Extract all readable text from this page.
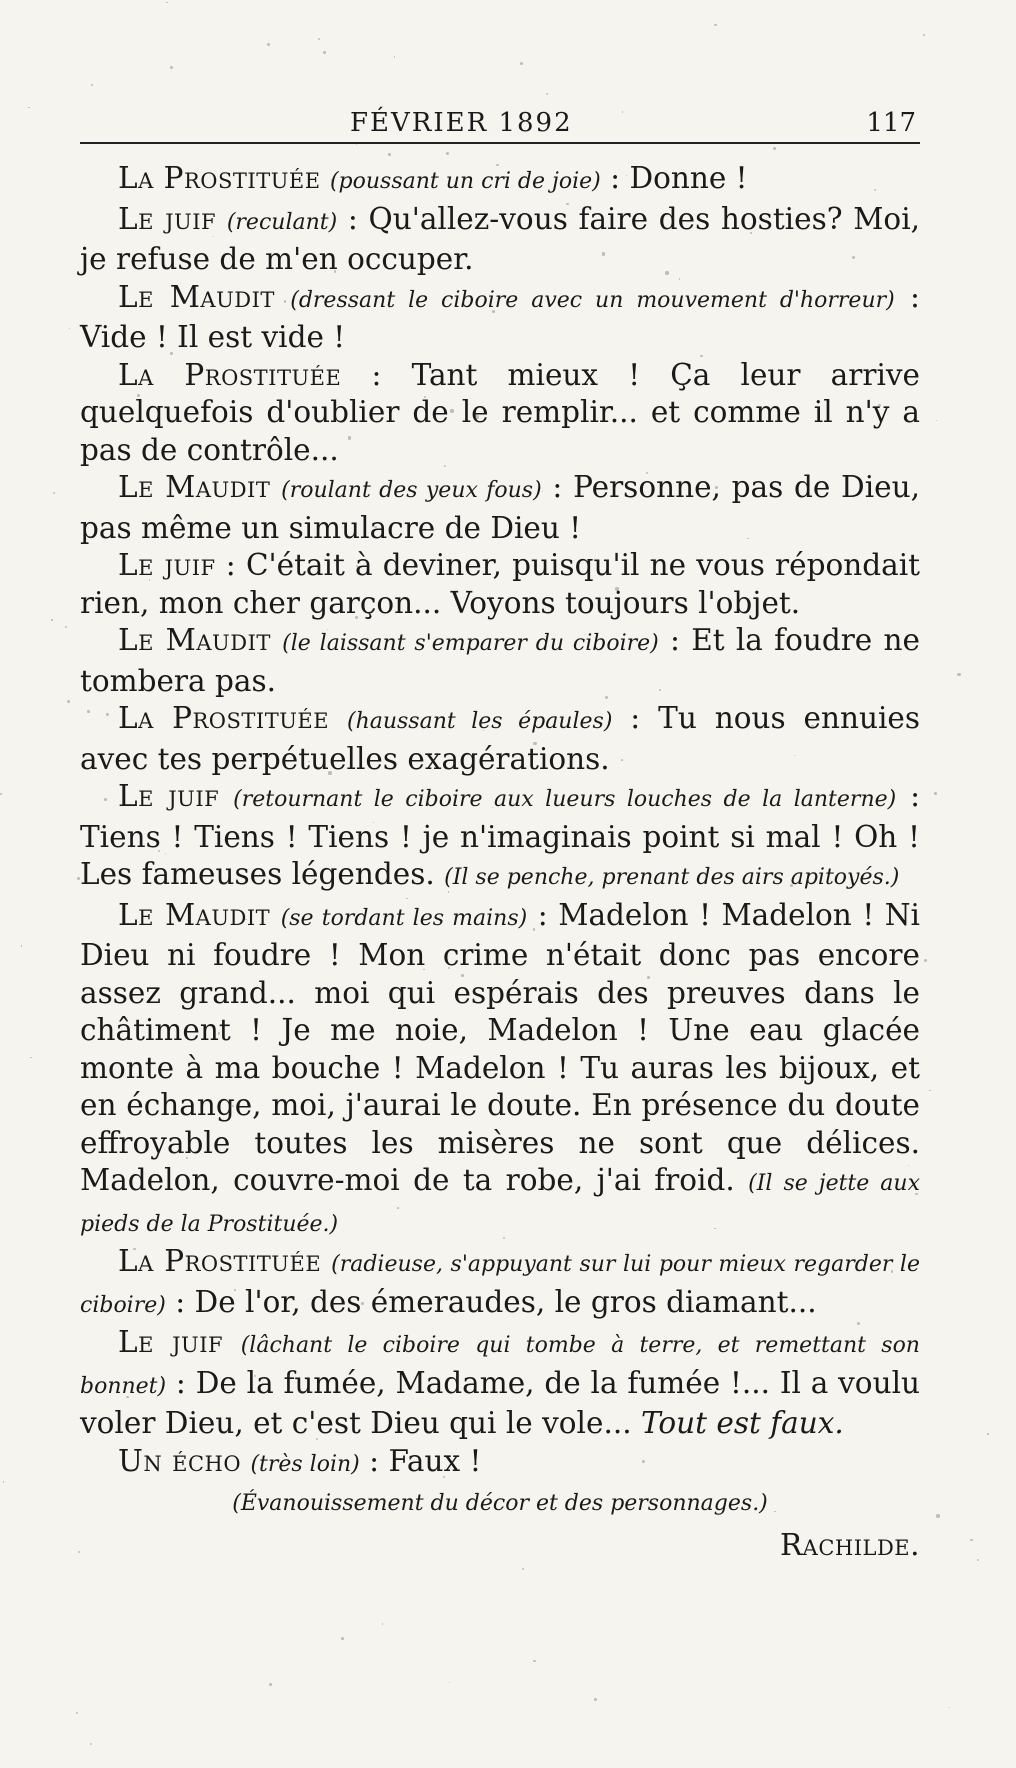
FÉVRIER 1892	117

La Prostituée (poussant un cri de joie) : Donne !

Le juif (reculant) : Qu'allez-vous faire des hosties? Moi, je refuse de m'en occuper.

Le Maudit (dressant le ciboire avec un mouvement d'horreur) : Vide ! Il est vide !

La Prostituée : Tant mieux ! Ça leur arrive quelquefois d'oublier de le remplir... et comme il n'y a pas de contrôle...

Le Maudit (roulant des yeux fous) : Personne, pas de Dieu, pas même un simulacre de Dieu !

Le juif : C'était à deviner, puisqu'il ne vous répondait rien, mon cher garçon... Voyons toujours l'objet.

Le Maudit (le laissant s'emparer du ciboire) : Et la foudre ne tombera pas.

La Prostituée (haussant les épaules) : Tu nous ennuies avec tes perpétuelles exagérations.

Le juif (retournant le ciboire aux lueurs louches de la lanterne) : Tiens ! Tiens ! Tiens ! je n'imaginais point si mal ! Oh ! Les fameuses légendes. (Il se penche, prenant des airs apitoyés.)

Le Maudit (se tordant les mains) : Madelon ! Madelon ! Ni Dieu ni foudre ! Mon crime n'était donc pas encore assez grand... moi qui espérais des preuves dans le châtiment ! Je me noie, Madelon ! Une eau glacée monte à ma bouche ! Madelon ! Tu auras les bijoux, et en échange, moi, j'aurai le doute. En présence du doute effroyable toutes les misères ne sont que délices. Madelon, couvre-moi de ta robe, j'ai froid. (Il se jette aux pieds de la Prostituée.)

La Prostituée (radieuse, s'appuyant sur lui pour mieux regarder le ciboire) : De l'or, des émeraudes, le gros diamant...

Le juif (lâchant le ciboire qui tombe à terre, et remettant son bonnet) : De la fumée, Madame, de la fumée !... Il a voulu voler Dieu, et c'est Dieu qui le vole... Tout est faux.

Un écho (très loin) : Faux !

(Évanouissement du décor et des personnages.)

Rachilde.
